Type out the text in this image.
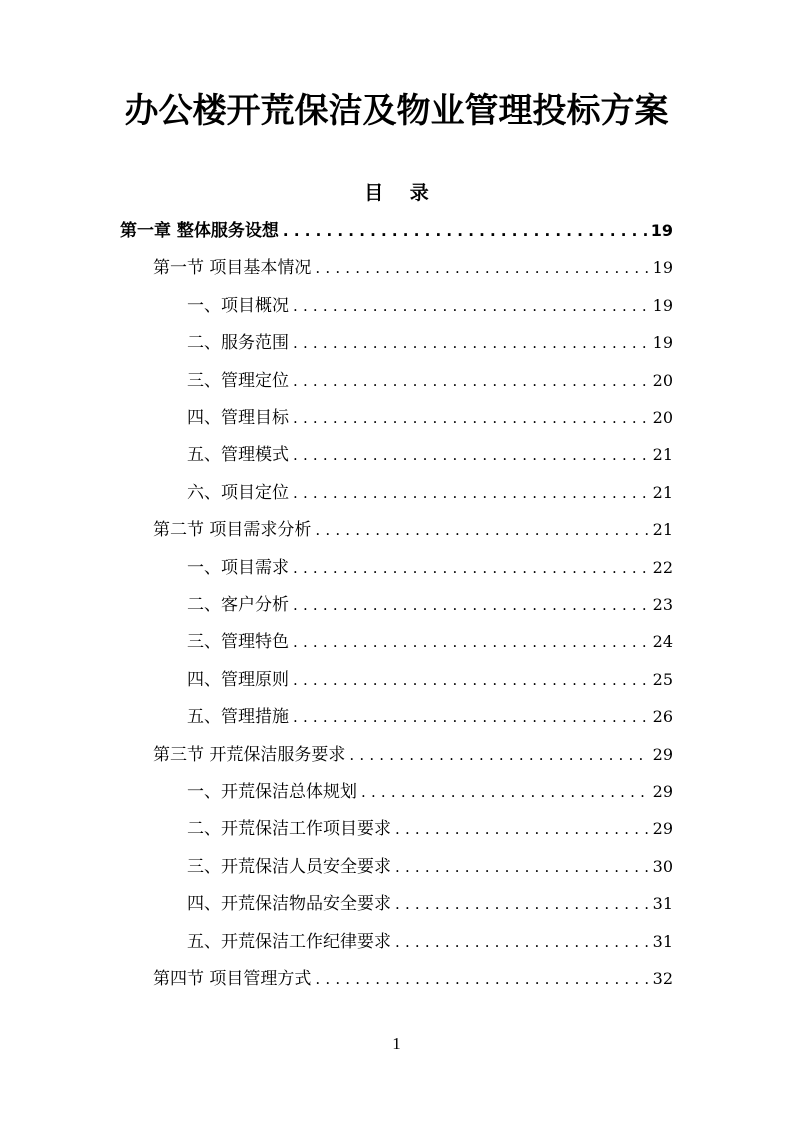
办公楼开荒保洁及物业管理投标方案
目 录
第一章 整体服务设想 .....	19
第一节 项目基本情况 .....	19
一、项目概况 .....	19
二、服务范围 .....	19
三、管理定位 .....	20
四、管理目标 .....	20
五、管理模式 .....	21
六、项目定位 .....	21
第二节 项目需求分析 .....	21
一、项目需求 .....	22
二、客户分析 .....	23
三、管理特色 .....	24
四、管理原则 .....	25
五、管理措施 .....	26
第三节 开荒保洁服务要求 .....	29
一、开荒保洁总体规划 .....	29
二、开荒保洁工作项目要求 .....	29
三、开荒保洁人员安全要求 .....	30
四、开荒保洁物品安全要求 .....	31
五、开荒保洁工作纪律要求 .....	31
第四节 项目管理方式 .....	32
1
